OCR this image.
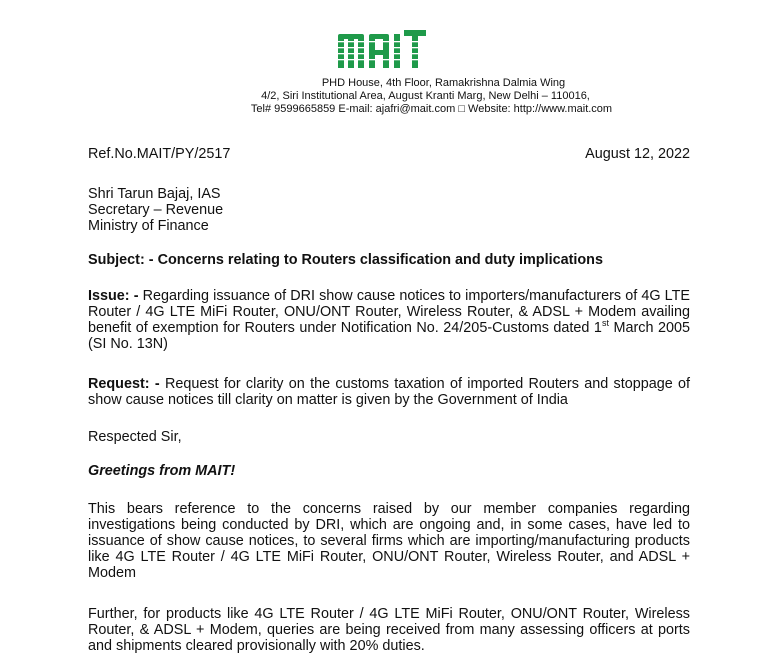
PHD House, 4th Floor, Ramakrishna Dalmia Wing
4/2, Siri Institutional Area, August Kranti Marg, New Delhi – 110016,
Tel# 9599665859 E-mail: ajafri@mait.com □ Website: http://www.mait.com
Ref.No.MAIT/PY/2517	August 12, 2022
Shri Tarun Bajaj, IAS
Secretary – Revenue
Ministry of Finance
Subject: - Concerns relating to Routers classification and duty implications
Issue: - Regarding issuance of DRI show cause notices to importers/manufacturers of 4G LTE Router / 4G LTE MiFi Router, ONU/ONT Router, Wireless Router, & ADSL + Modem availing benefit of exemption for Routers under Notification No. 24/205-Customs dated 1st March 2005 (SI No. 13N)
Request: - Request for clarity on the customs taxation of imported Routers and stoppage of show cause notices till clarity on matter is given by the Government of India
Respected Sir,
Greetings from MAIT!
This bears reference to the concerns raised by our member companies regarding investigations being conducted by DRI, which are ongoing and, in some cases, have led to issuance of show cause notices, to several firms which are importing/manufacturing products like 4G LTE Router / 4G LTE MiFi Router, ONU/ONT Router, Wireless Router, and ADSL + Modem
Further, for products like 4G LTE Router / 4G LTE MiFi Router, ONU/ONT Router, Wireless Router, & ADSL + Modem, queries are being received from many assessing officers at ports and shipments cleared provisionally with 20% duties.
